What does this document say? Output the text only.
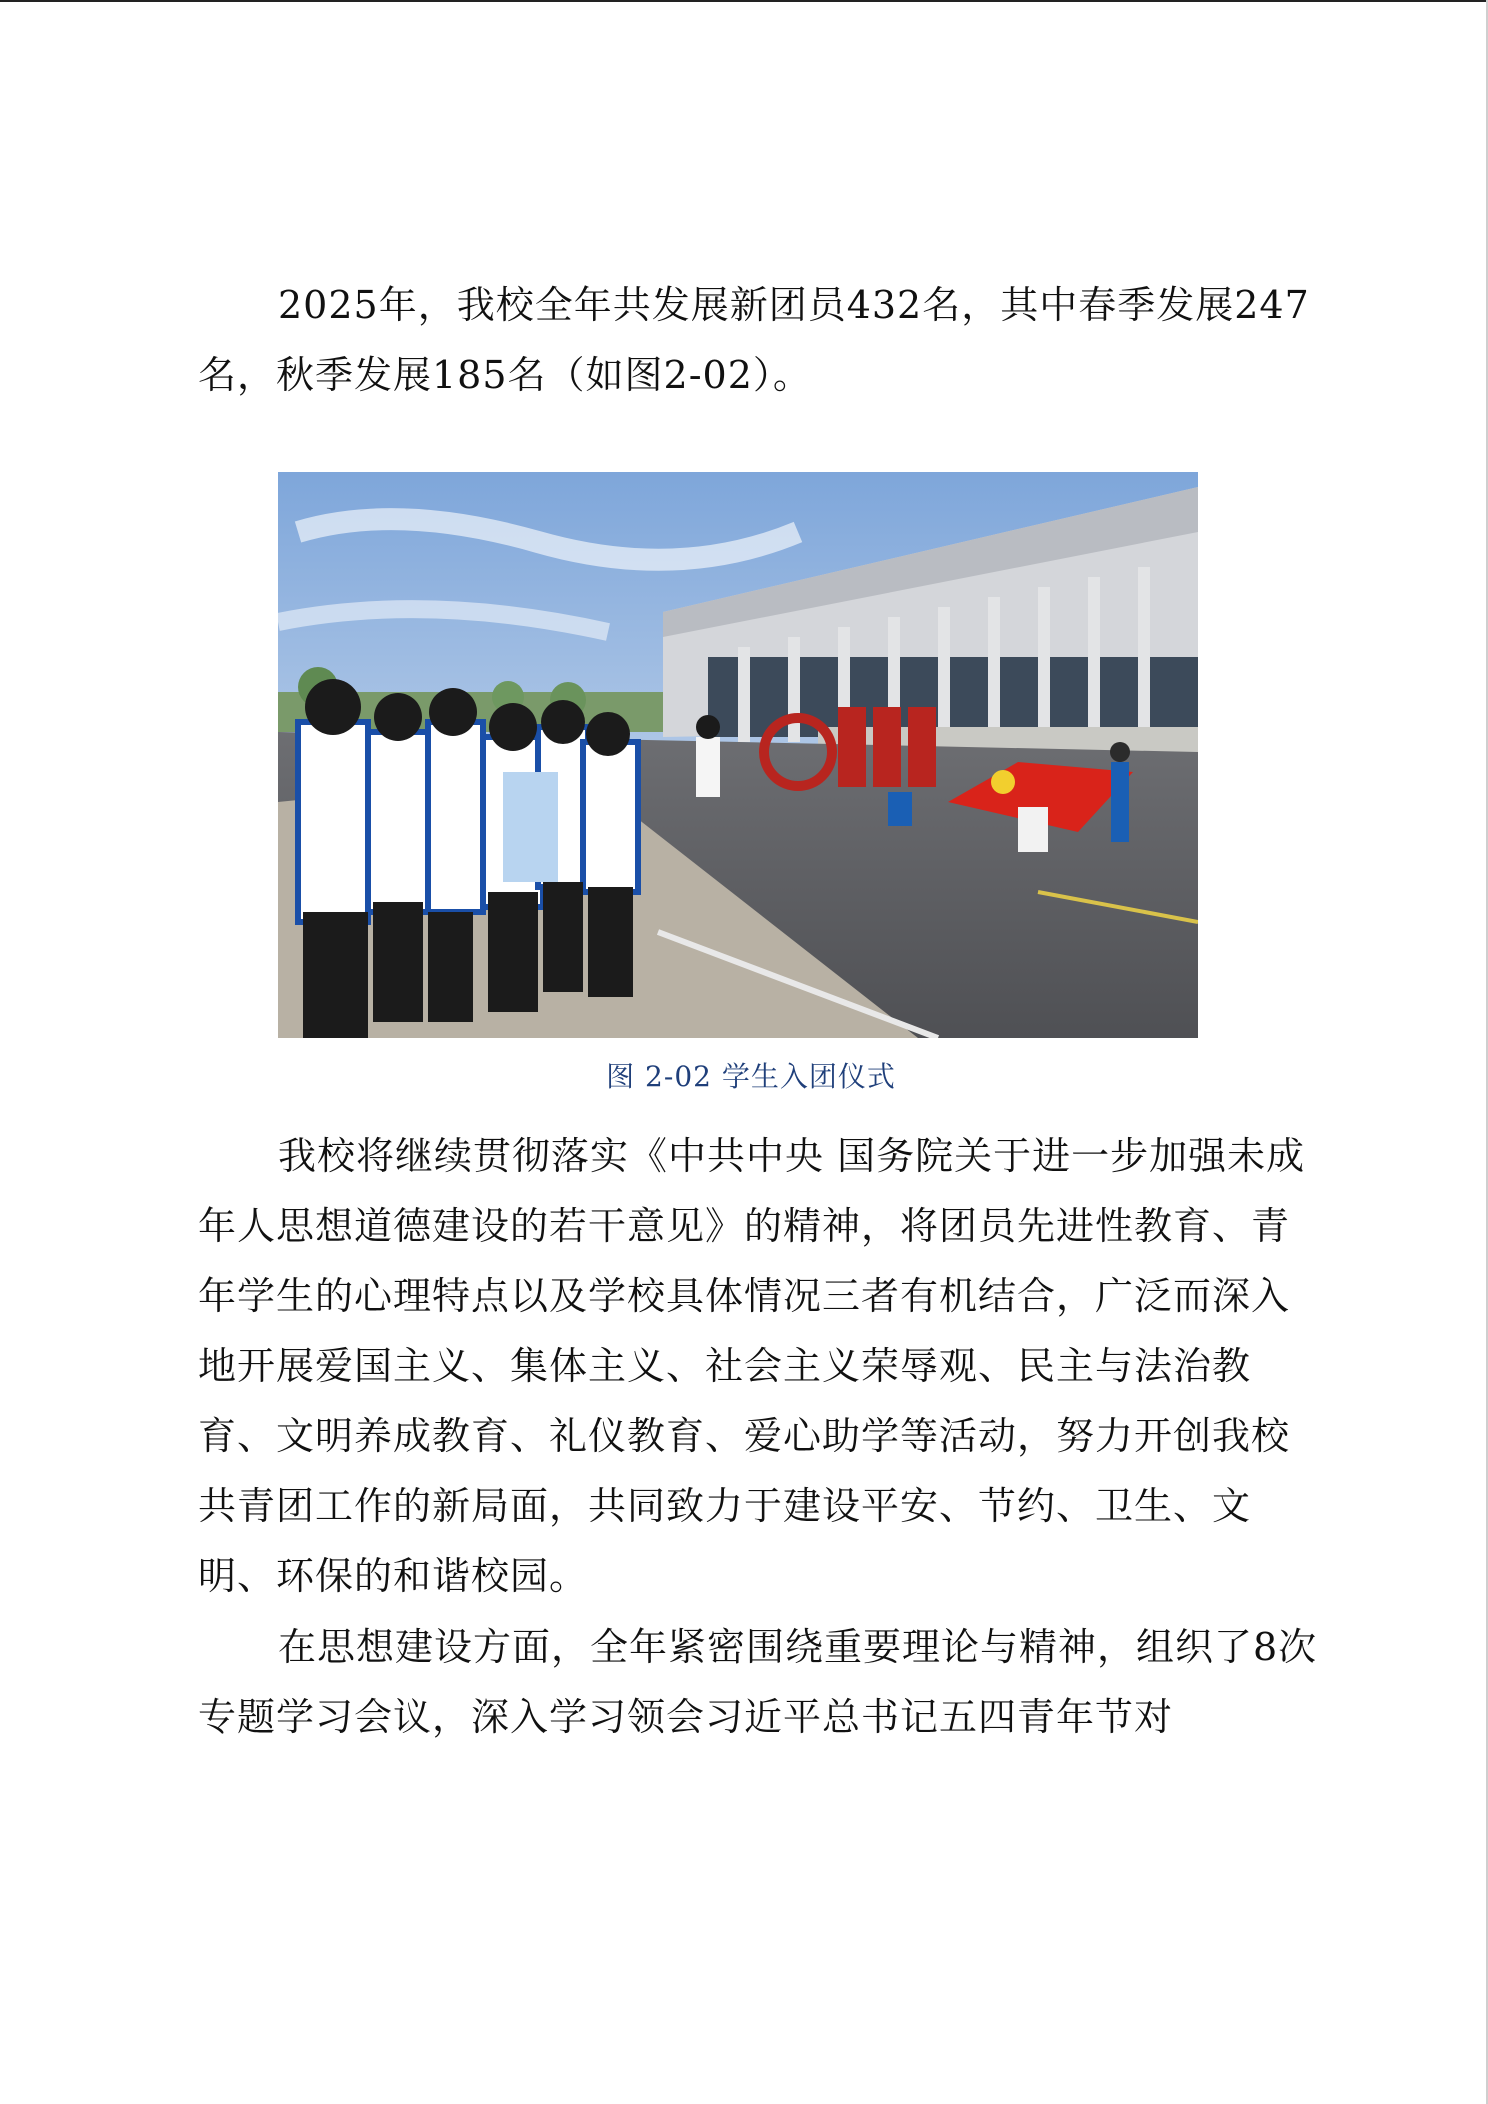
2025年，我校全年共发展新团员432名，其中春季发展247名，秋季发展185名（如图2-02）。

图 2-02 学生入团仪式

我校将继续贯彻落实《中共中央 国务院关于进一步加强未成年人思想道德建设的若干意见》的精神，将团员先进性教育、青年学生的心理特点以及学校具体情况三者有机结合，广泛而深入地开展爱国主义、集体主义、社会主义荣辱观、民主与法治教育、文明养成教育、礼仪教育、爱心助学等活动，努力开创我校共青团工作的新局面，共同致力于建设平安、节约、卫生、文明、环保的和谐校园。

在思想建设方面，全年紧密围绕重要理论与精神，组织了8次专题学习会议，深入学习领会习近平总书记五四青年节对
